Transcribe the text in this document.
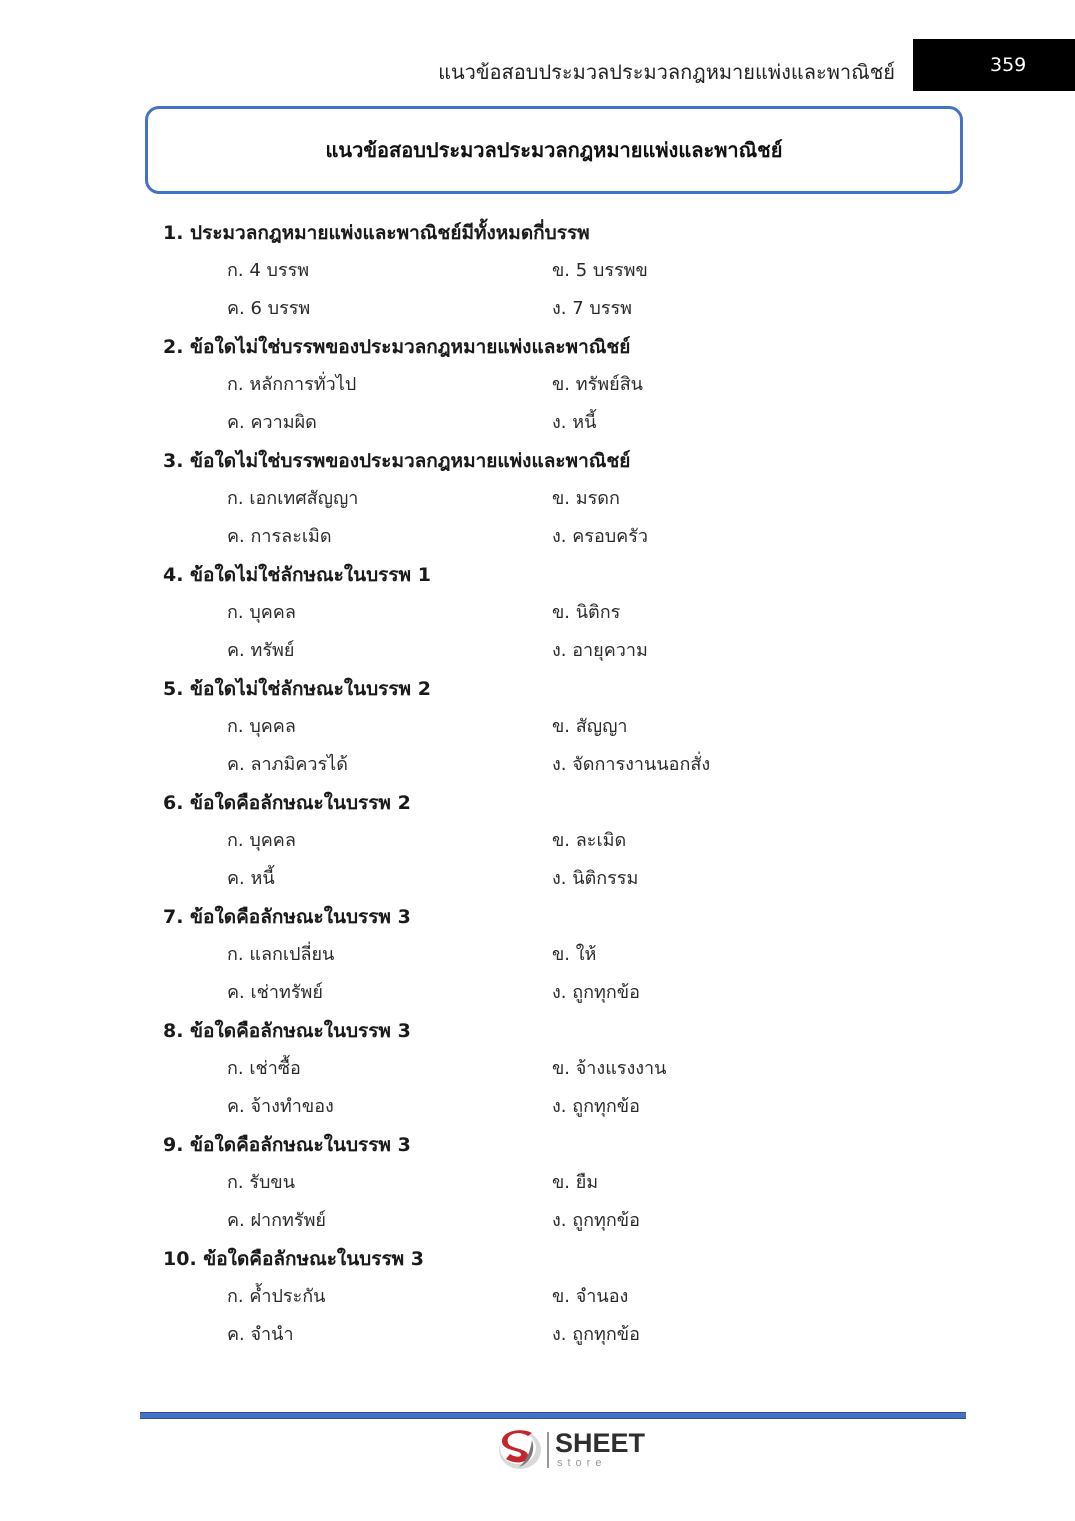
แนวข้อสอบประมวลประมวลกฎหมายแพ่งและพาณิชย์	359
แนวข้อสอบประมวลประมวลกฎหมายแพ่งและพาณิชย์
1. ประมวลกฎหมายแพ่งและพาณิชย์มีทั้งหมดกี่บรรพ
ก. 4 บรรพ	ข. 5 บรรพข
ค. 6 บรรพ	ง. 7 บรรพ
2. ข้อใดไม่ใช่บรรพของประมวลกฎหมายแพ่งและพาณิชย์
ก. หลักการทั่วไป	ข. ทรัพย์สิน
ค. ความผิด	ง. หนี้
3. ข้อใดไม่ใช่บรรพของประมวลกฎหมายแพ่งและพาณิชย์
ก. เอกเทศสัญญา	ข. มรดก
ค. การละเมิด	ง. ครอบครัว
4. ข้อใดไม่ใช่ลักษณะในบรรพ 1
ก. บุคคล	ข. นิติกร
ค. ทรัพย์	ง. อายุความ
5. ข้อใดไม่ใช่ลักษณะในบรรพ 2
ก. บุคคล	ข. สัญญา
ค. ลาภมิควรได้	ง. จัดการงานนอกสั่ง
6. ข้อใดคือลักษณะในบรรพ 2
ก. บุคคล	ข. ละเมิด
ค. หนี้	ง. นิติกรรม
7. ข้อใดคือลักษณะในบรรพ 3
ก. แลกเปลี่ยน	ข. ให้
ค. เช่าทรัพย์	ง. ถูกทุกข้อ
8. ข้อใดคือลักษณะในบรรพ 3
ก. เช่าซื้อ	ข. จ้างแรงงาน
ค. จ้างทำของ	ง. ถูกทุกข้อ
9. ข้อใดคือลักษณะในบรรพ 3
ก. รับขน	ข. ยืม
ค. ฝากทรัพย์	ง. ถูกทุกข้อ
10. ข้อใดคือลักษณะในบรรพ 3
ก. ค้ำประกัน	ข. จำนอง
ค. จำนำ	ง. ถูกทุกข้อ
SHEET
store
